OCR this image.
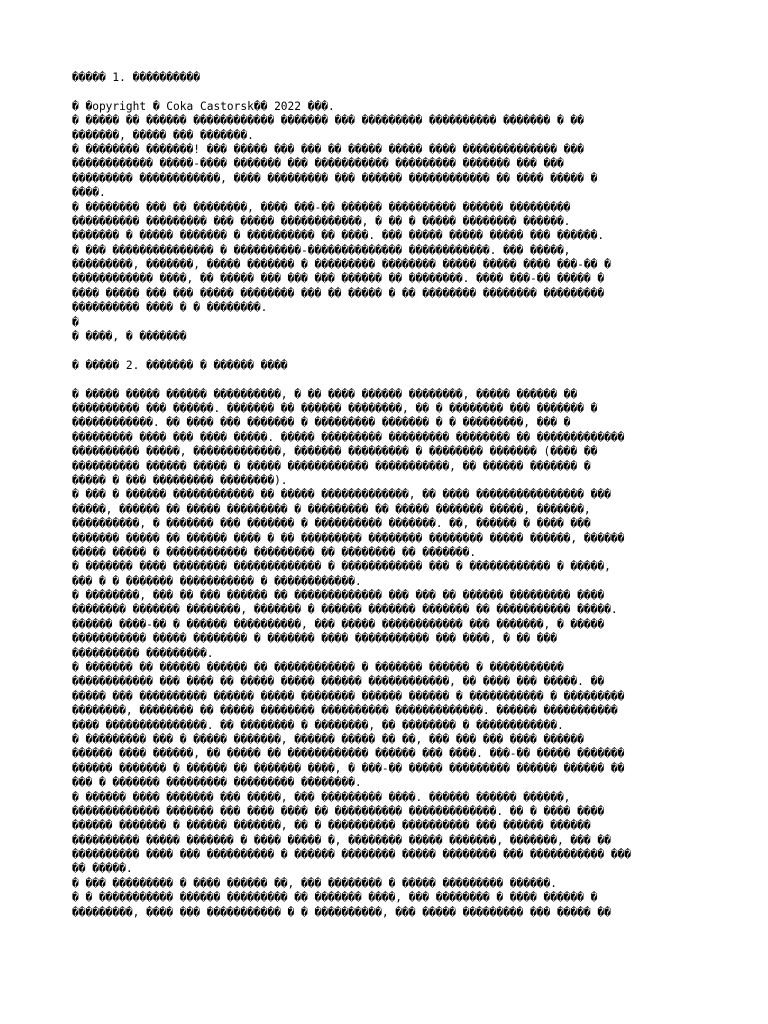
����� 1. ����������
� �opyright � Coka Castorsk�� 2022 ���.
� ����� �� ������ ������������ ������� ��� ��������� ���������� ������� � ��
�������, ����� ��� �������.
� �������� �������! ��� ����� ��� ��� �� ����� ����� ���� �������������� ���
������������ �����-���� ������� ��� ����������� ��������� ������� ��� ���
��������� ������������, ���� ��������� ��� ������ ������������ �� ���� ����� �
����.
� �������� ��� �� ��������, ���� ���-�� ������ ���������� ������ ���������
���������� ��������� ��� ����� ������������, � �� � ����� �������� ������.
������� � ����� ������� � ���������� �� ����. ��� ����� ����� ����� ��� ������.
� ��� ��������������� � ����������-�������������� ������������. ��� �����,
���������, �������, ����� ������� � ��������� �������� ����� ����� ���� ���-�� �
������������ ����, �� ����� ��� ��� ��� ������ �� ��������. ���� ���-�� ����� �
���� ����� ��� ��� ����� �������� ��� �� ����� � �� �������� �������� ���������
���������� ���� � � ��������.
�
� ����, � �������
� ����� 2. ������� � ������ ����
� ����� ����� ������ ����������, � �� ���� ������ ��������, ����� ������ ��
���������� ��� ������. ������� �� ������ ��������, �� � �������� ��� ������� �
������������. �� ���� ��� ������� � ��������� ������� � � ���������, ��� �
��������� ���� ��� ���� �����. ����� ��������� ��������� �������� �� �������������
���������� �����, �������������, ������� ��������� � �������� ������� (���� ��
���������� ������ ����� � ����� ������������ �����������, �� ������ ������� �
����� � ��� ��������� ��������).
� ��� � ������ ������������ �� ����� �������������, �� ���� ���������������� ���
�����, ������ �� ����� ��������� � ��������� �� ����� ������� �����, �������,
����������, � ������� ��� ������� � ���������� �������. ��, ������ � ���� ���
������� ����� �� ������ ���� � �� ��������� �������� �������� ����� ������, ������
����� ����� � ������������ ��������� �� �������� �� �������.
� ������� ���� �������� ������������� � ������������ ��� � ������������ � �����,
��� � � ������� ����������� � ������������.
� ��������, ��� �� ��� ������ �� ������������� ��� ��� �� ������ ��������� ����
�������� ������� ��������, ������� � ������ ������� ������� �� ����������� �����.
������ ����-�� � ������ ����������, ��� ����� ������������ ��� �������, � �����
����������� ����� �������� � ������� ���� ����������� ��� ����, � �� ���
���������� ���������.
� ������� �� ������ ������ �� ������������ � ������� ������ � �����������
������������ ��� ���� �� ����� ����� ������ ������������, �� ���� ��� �����. ��
����� ��� ���������� ������ ����� �������� ������ ������ � ����������� � ���������
��������, �������� �� ����� �������� ���������� �������������. ������ �����������
���� ���������������. �� �������� � ��������, �� �������� � ������������.
� ��������� ��� � ����� �������, ������ ����� �� ��, ��� ��� ��� ���� ������
������ ���� ������, �� ����� �� ������������ ������ ��� ����. ���-�� ����� �������
������ ������� � ������ �� ������� ����, � ���-�� ����� ��������� ������ ������ ��
��� � ������� ��������� ��������� ��������.
� ������ ���� ������� ��� �����, ��� ��������� ����. ������ ������ ������,
������������� ������� ��� ���� ���� �� ���������� �������������. �� � ���� ����
������ ������� � ������ �������, �� � ���������� ���������� ��� ������ ������
���������� ����� ������� � ���� ����� �, �������� ����� �������, �������, ��� ��
���������� ���� ��� ���������� � ������ �������� ����� �������� ��� ����������� ���
�� �����.
� ��� ��������� � ���� ������ ��, ��� �������� � ����� ��������� ������.
� � ����������� ������ ��������� �� ������� ����, ��� �������� � ���� ������ �
���������, ���� ��� ����������� � � ����������, ��� ����� ��������� ��� ����� ��
